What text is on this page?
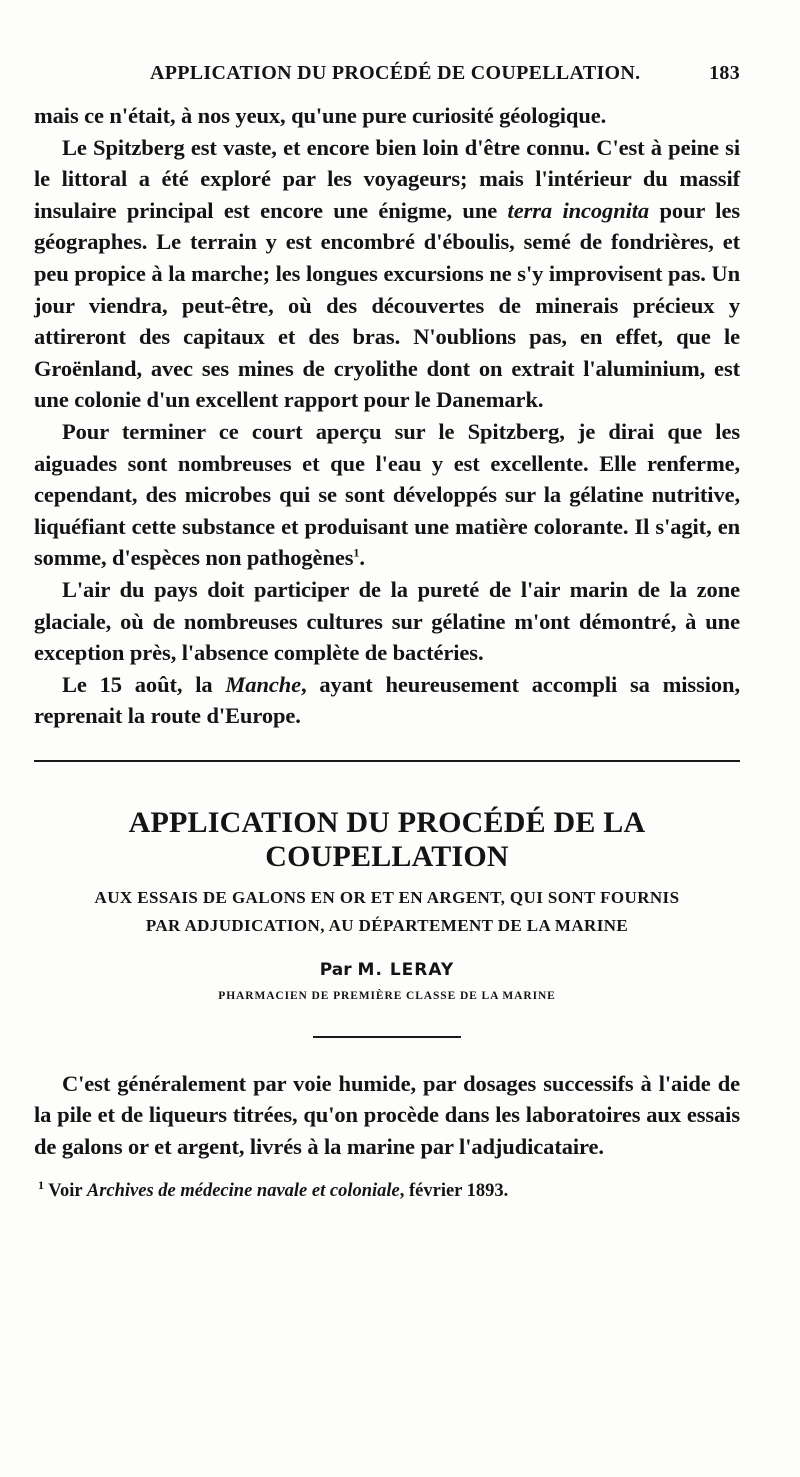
APPLICATION DU PROCÉDÉ DE COUPELLATION.	183

mais ce n'était, à nos yeux, qu'une pure curiosité géologique.

Le Spitzberg est vaste, et encore bien loin d'être connu. C'est à peine si le littoral a été exploré par les voyageurs; mais l'intérieur du massif insulaire principal est encore une énigme, une terra incognita pour les géographes. Le terrain y est encombré d'éboulis, semé de fondrières, et peu propice à la marche; les longues excursions ne s'y improvisent pas. Un jour viendra, peut-être, où des découvertes de minerais précieux y attireront des capitaux et des bras. N'oublions pas, en effet, que le Groënland, avec ses mines de cryolithe dont on extrait l'aluminium, est une colonie d'un excellent rapport pour le Danemark.

Pour terminer ce court aperçu sur le Spitzberg, je dirai que les aiguades sont nombreuses et que l'eau y est excellente. Elle renferme, cependant, des microbes qui se sont développés sur la gélatine nutritive, liquéfiant cette substance et produisant une matière colorante. Il s'agit, en somme, d'espèces non pathogènes$^1$.

L'air du pays doit participer de la pureté de l'air marin de la zone glaciale, où de nombreuses cultures sur gélatine m'ont démontré, à une exception près, l'absence complète de bactéries.

Le 15 août, la Manche, ayant heureusement accompli sa mission, reprenait la route d'Europe.

APPLICATION DU PROCÉDÉ DE LA COUPELLATION
AUX ESSAIS DE GALONS EN OR ET EN ARGENT, QUI SONT FOURNIS
PAR ADJUDICATION, AU DÉPARTEMENT DE LA MARINE
Par M. LERAY
PHARMACIEN DE PREMIÈRE CLASSE DE LA MARINE

C'est généralement par voie humide, par dosages successifs à l'aide de la pile et de liqueurs titrées, qu'on procède dans les laboratoires aux essais de galons or et argent, livrés à la marine par l'adjudicataire.

$^1$ Voir Archives de médecine navale et coloniale, février 1893.
